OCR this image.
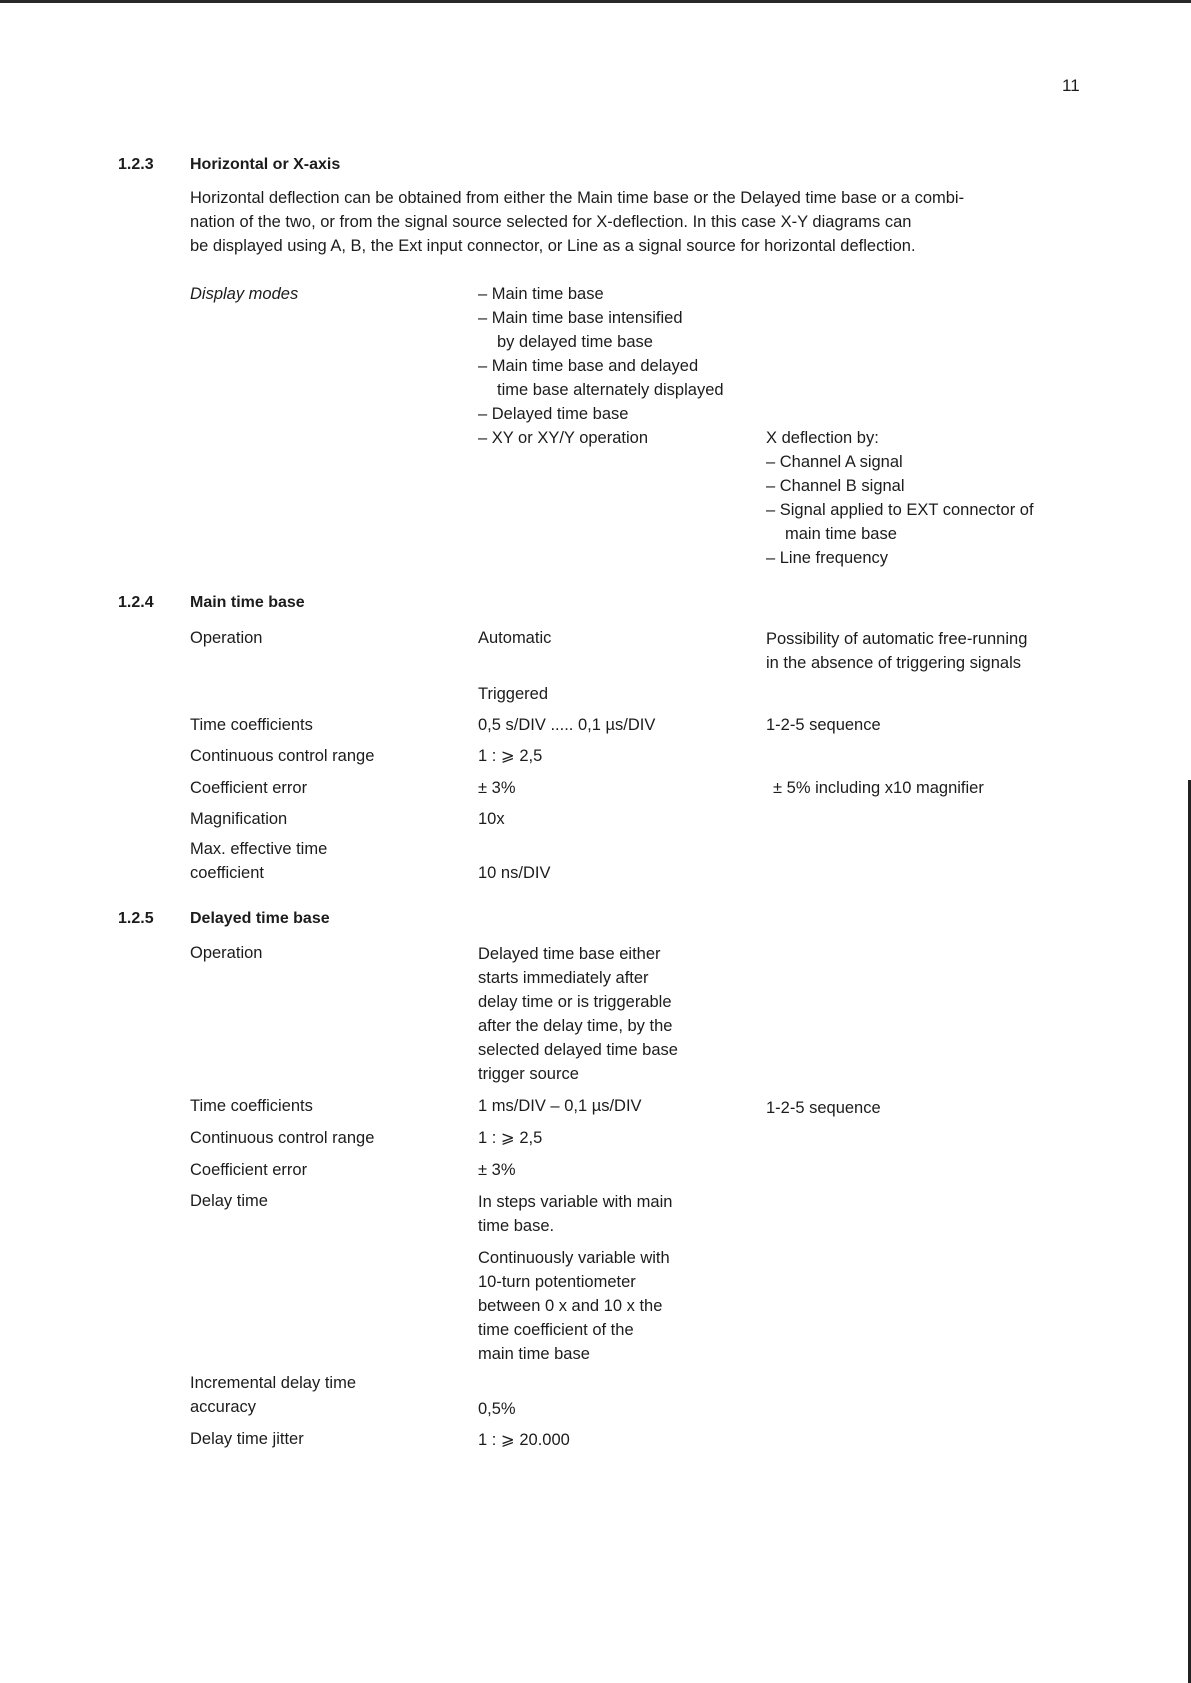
11
1.2.3 Horizontal or X-axis
Horizontal deflection can be obtained from either the Main time base or the Delayed time base or a combi-
nation of the two, or from the signal source selected for X-deflection. In this case X-Y diagrams can
be displayed using A, B, the Ext input connector, or Line as a signal source for horizontal deflection.
Display modes	– Main time base
– Main time base intensified
by delayed time base
– Main time base and delayed
time base alternately displayed
– Delayed time base
– XY or XY/Y operation	X deflection by:
– Channel A signal
– Channel B signal
– Signal applied to EXT connector of
main time base
– Line frequency
1.2.4 Main time base
Operation	Automatic	Possibility of automatic free-running
in the absence of triggering signals
Triggered
Time coefficients	0,5 s/DIV ..... 0,1 µs/DIV	1-2-5 sequence
Continuous control range	1 : ⩾ 2,5
Coefficient error	± 3%	± 5% including x10 magnifier
Magnification	10x
Max. effective time
coefficient	10 ns/DIV
1.2.5 Delayed time base
Operation	Delayed time base either
starts immediately after
delay time or is triggerable
after the delay time, by the
selected delayed time base
trigger source
Time coefficients	1 ms/DIV – 0,1 µs/DIV	1-2-5 sequence
Continuous control range	1 : ⩾ 2,5
Coefficient error	± 3%
Delay time	In steps variable with main
time base.
Continuously variable with
10-turn potentiometer
between 0 x and 10 x the
time coefficient of the
main time base
Incremental delay time
accuracy	0,5%
Delay time jitter	1 : ⩾ 20.000
